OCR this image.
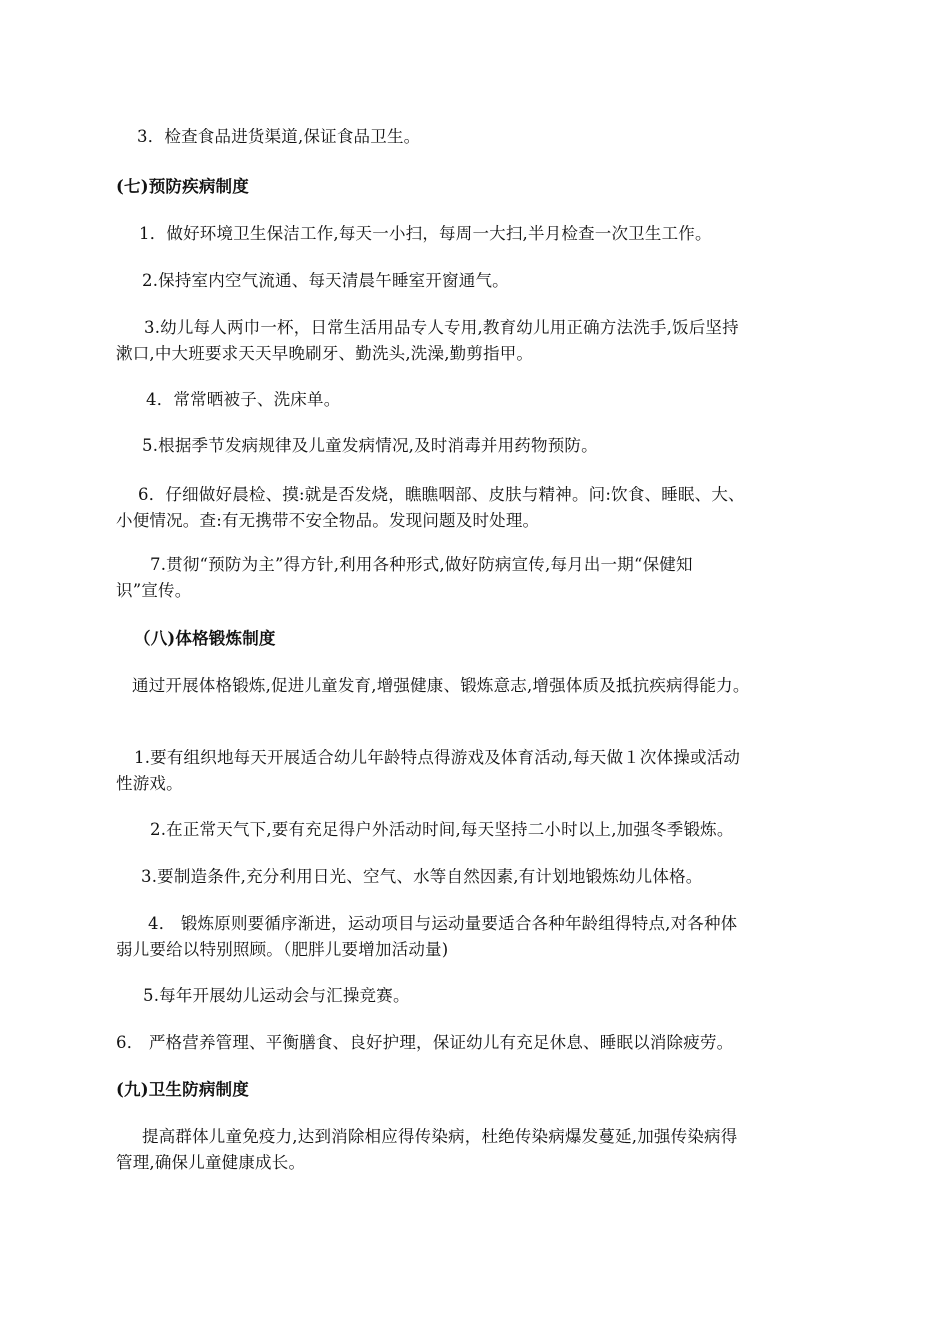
3．检查食品进货渠道,保证食品卫生。
(七)预防疾病制度
1．做好环境卫生保洁工作,每天一小扫，每周一大扫,半月检查一次卫生工作。
2.保持室内空气流通、每天清晨午睡室开窗通气。
3.幼儿每人两巾一杯，日常生活用品专人专用,教育幼儿用正确方法洗手,饭后坚持
漱口,中大班要求天天早晚刷牙、勤洗头,洗澡,勤剪指甲。
4．常常晒被子、洗床单。
5.根据季节发病规律及儿童发病情况,及时消毒并用药物预防。
6．仔细做好晨检、摸:就是否发烧，瞧瞧咽部、皮肤与精神。问:饮食、睡眠、大、
小便情况。查:有无携带不安全物品。发现问题及时处理。
7.贯彻“预防为主”得方针,利用各种形式,做好防病宣传,每月出一期“保健知
识”宣传。
（八)体格锻炼制度
通过开展体格锻炼,促进儿童发育,增强健康、锻炼意志,增强体质及抵抗疾病得能力。
1.要有组织地每天开展适合幼儿年龄特点得游戏及体育活动,每天做１次体操或活动
性游戏。
2.在正常天气下,要有充足得户外活动时间,每天坚持二小时以上,加强冬季锻炼。
3.要制造条件,充分利用日光、空气、水等自然因素,有计划地锻炼幼儿体格。
4． 锻炼原则要循序渐进，运动项目与运动量要适合各种年龄组得特点,对各种体
弱儿要给以特别照顾。（肥胖儿要增加活动量)
5.每年开展幼儿运动会与汇操竞赛。
6． 严格营养管理、平衡膳食、良好护理，保证幼儿有充足休息、睡眠以消除疲劳。
(九)卫生防病制度
提高群体儿童免疫力,达到消除相应得传染病，杜绝传染病爆发蔓延,加强传染病得
管理,确保儿童健康成长。
